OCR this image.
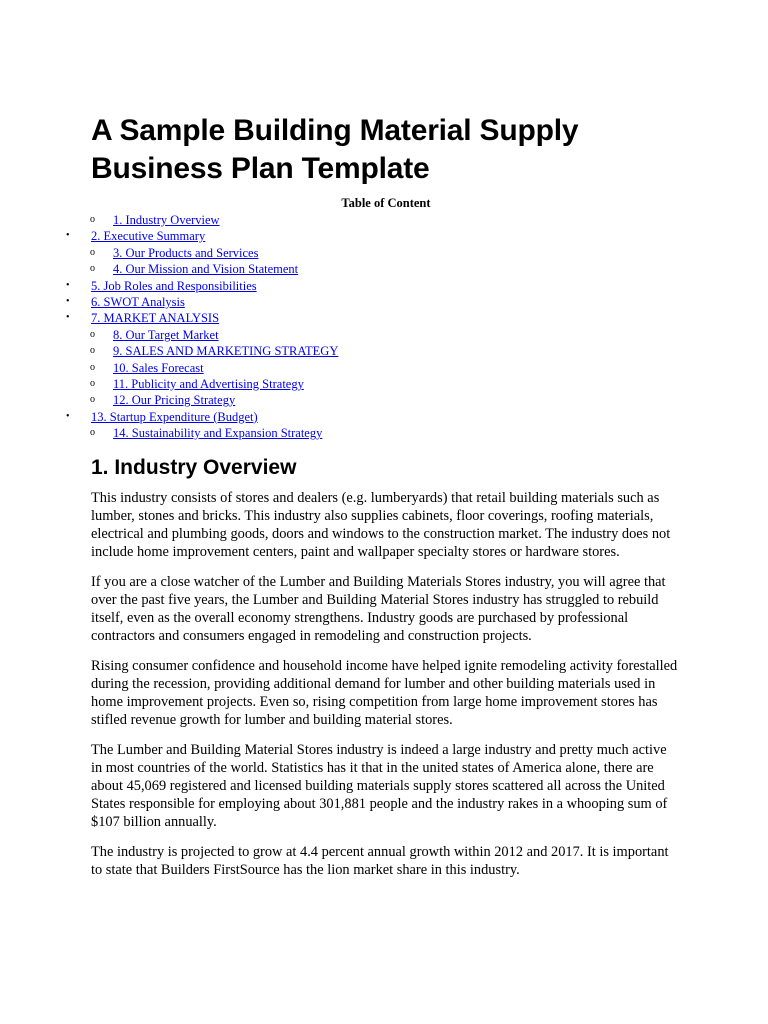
A Sample Building Material Supply
Business Plan Template
Table of Content
o 1. Industry Overview
• 2. Executive Summary
o 3. Our Products and Services
o 4. Our Mission and Vision Statement
• 5. Job Roles and Responsibilities
• 6. SWOT Analysis
• 7. MARKET ANALYSIS
o 8. Our Target Market
o 9. SALES AND MARKETING STRATEGY
o 10. Sales Forecast
o 11. Publicity and Advertising Strategy
o 12. Our Pricing Strategy
• 13. Startup Expenditure (Budget)
o 14. Sustainability and Expansion Strategy
1. Industry Overview

This industry consists of stores and dealers (e.g. lumberyards) that retail building materials such as lumber, stones and bricks. This industry also supplies cabinets, floor coverings, roofing materials, electrical and plumbing goods, doors and windows to the construction market. The industry does not include home improvement centers, paint and wallpaper specialty stores or hardware stores.

If you are a close watcher of the Lumber and Building Materials Stores industry, you will agree that over the past five years, the Lumber and Building Material Stores industry has struggled to rebuild itself, even as the overall economy strengthens. Industry goods are purchased by professional contractors and consumers engaged in remodeling and construction projects.

Rising consumer confidence and household income have helped ignite remodeling activity forestalled during the recession, providing additional demand for lumber and other building materials used in home improvement projects. Even so, rising competition from large home improvement stores has stifled revenue growth for lumber and building material stores.

The Lumber and Building Material Stores industry is indeed a large industry and pretty much active in most countries of the world. Statistics has it that in the united states of America alone, there are about 45,069 registered and licensed building materials supply stores scattered all across the United States responsible for employing about 301,881 people and the industry rakes in a whooping sum of $107 billion annually.

The industry is projected to grow at 4.4 percent annual growth within 2012 and 2017. It is important to state that Builders FirstSource has the lion market share in this industry.
